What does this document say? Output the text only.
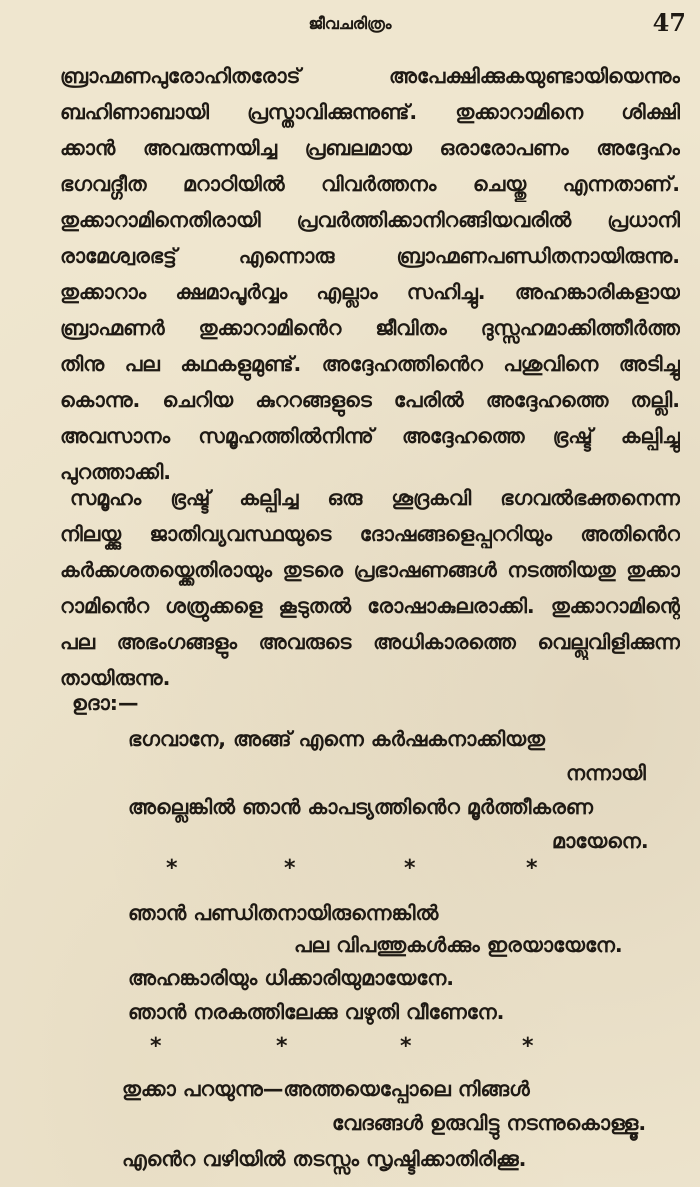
ജീവചരിത്രം	47
ബ്രാഹ്മണപുരോഹിതരോട് അപേക്ഷിക്കുകയുണ്ടായിയെന്നും
ബഹിണാബായി പ്രസ്താവിക്കുന്നുണ്ട്. തുക്കാറാമിനെ ശിക്ഷി
ക്കാൻ അവരുന്നയിച്ച പ്രബലമായ ഒരാരോപണം അദ്ദേഹം
ഭഗവദ്ഗീത മറാഠിയിൽ വിവർത്തനം ചെയ്തു എന്നതാണ്.
തുക്കാറാമിനെതിരായി പ്രവർത്തിക്കാനിറങ്ങിയവരിൽ പ്രധാനി
രാമേശ്വരഭട്ട് എന്നൊരു ബ്രാഹ്മണപണ്ഡിതനായിരുന്നു.
തുക്കാറാം ക്ഷമാപൂർവ്വം എല്ലാം സഹിച്ചു. അഹങ്കാരികളായ
ബ്രാഹ്മണർ തുക്കാറാമിൻെറ ജീവിതം ദുസ്സഹമാക്കിത്തീർത്ത
തിനു പല കഥകളുമുണ്ട്. അദ്ദേഹത്തിൻെറ പശുവിനെ അടിച്ചു
കൊന്നു. ചെറിയ കുററങ്ങളുടെ പേരിൽ അദ്ദേഹത്തെ തല്ലി.
അവസാനം സമൂഹത്തിൽനിന്നു് അദ്ദേഹത്തെ ഭ്രഷ്ട് കല്പിച്ചു
പുറത്താക്കി.
സമൂഹം ഭ്രഷ്ട് കല്പിച്ച ഒരു ശൂദ്രകവി ഭഗവൽഭക്തനെന്ന
നിലയ്ക്കു ജാതിവ്യവസ്ഥയുടെ ദോഷങ്ങളെപ്പററിയും അതിൻെറ
കർക്കശതയ്ക്കെതിരായും തുടരെ പ്രഭാഷണങ്ങൾ നടത്തിയതു തുക്കാ
റാമിൻെറ ശത്രുക്കളെ കൂടുതൽ രോഷാകുലരാക്കി. തുക്കാറാമിന്റെ
പല അഭംഗങ്ങളും അവരുടെ അധികാരത്തെ വെല്ലുവിളിക്കുന്ന
തായിരുന്നു.
ഉദാ:—
ഭഗവാനേ, അങ്ങ് എന്നെ കർഷകനാക്കിയതു
നന്നായി
അല്ലെങ്കിൽ ഞാൻ കാപട്യത്തിൻെറ മൂർത്തീകരണ
മായേനെ.
*	*	*	*
ഞാൻ പണ്ഡിതനായിരുന്നെങ്കിൽ
പല വിപത്തുകൾക്കും ഇരയായേനേ.
അഹങ്കാരിയും ധിക്കാരിയുമായേനേ.
ഞാൻ നരകത്തിലേക്കു വഴുതി വീണേനേ.
*	*	*	*
തുക്കാ പറയുന്നു—അത്തയെപ്പോലെ നിങ്ങൾ
വേദങ്ങൾ ഉരുവിട്ടു നടന്നുകൊള്ളൂ.
എൻെറ വഴിയിൽ തടസ്സം സൃഷ്ടിക്കാതിരിക്കൂ.
